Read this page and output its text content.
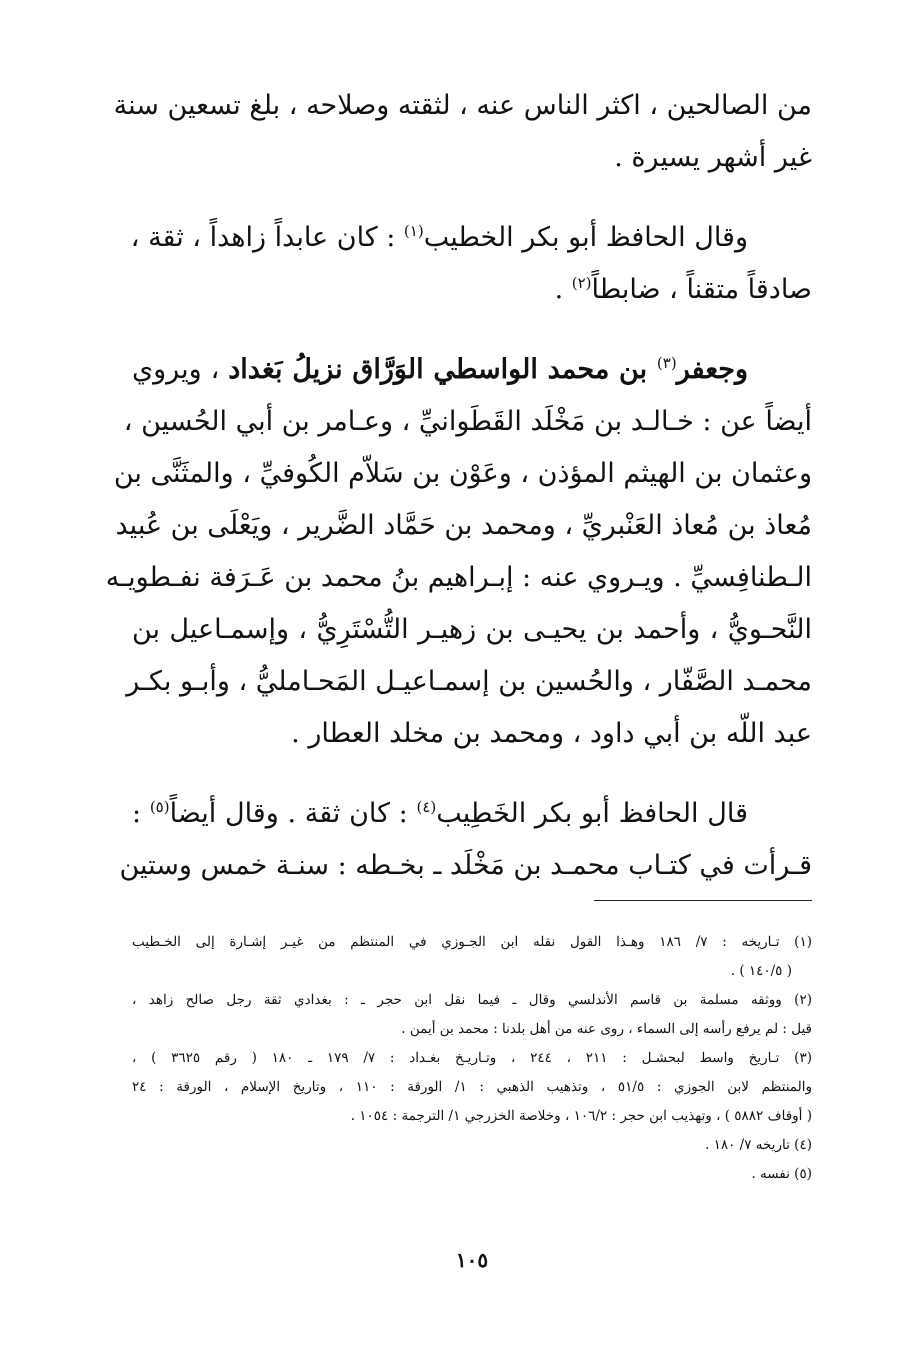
من الصالحين ، اكثر الناس عنه ، لثقته وصلاحه ، بلغ تسعين سنة
غير أشهر يسيرة .
وقال الحافظ أبو بكر الخطيب$^{(١)}$ : كان عابداً زاهداً ، ثقة ،
صادقاً متقناً ، ضابطاً$^{(٢)}$ .
وجعفر$^{(٣)}$ بن محمد الواسطي الوَرَّاق نزيلُ بَغداد ، ويروي
أيضاً عن : خـالـد بن مَخْلَد القَطَوانيِّ ، وعـامر بن أبي الحُسين ،
وعثمان بن الهيثم المؤذن ، وعَوْن بن سَلاّم الكُوفيِّ ، والمثَنَّى بن
مُعاذ بن مُعاذ العَنْبريِّ ، ومحمد بن حَمَّاد الضَّرير ، ويَعْلَى بن عُبيد
الـطنافِسيِّ . ويـروي عنه : إبـراهيم بنُ محمد بن عَـرَفة نفـطويـه
النَّحـويُّ ، وأحمد بن يحيـى بن زهيـر التُّسْتَرِيُّ ، وإسمـاعيل بن
محمـد الصَّفّار ، والحُسين بن إسمـاعيـل المَحـامليُّ ، وأبـو بكـر
عبد اللّه بن أبي داود ، ومحمد بن مخلد العطار .
قال الحافظ أبو بكر الخَطِيب$^{(٤)}$ : كان ثقة . وقال أيضاً$^{(٥)}$ :
قـرأت في كتـاب محمـد بن مَخْلَد ـ بخـطه : سنـة خمس وستين
(١) تـاريخه : ٧/ ١٨٦ وهـذا القول نقله ابن الجـوزي في المنتظم من غيـر إشـارة إلى الخـطيب
( ١٤٠/٥ ) .
(٢) ووثقه مسلمة بن قاسم الأندلسي وقال ـ فيما نقل ابن حجر ـ : بغدادي ثقة رجل صالح زاهد ،
قيل : لم يرفع رأسه إلى السماء ، روى عنه من أهل بلدنا : محمد بن أيمن .
(٣) تـاريخ واسط لبحشـل : ٢١١ ، ٢٤٤ ، وتـاريـخ بغـداد : ٧/ ١٧٩ ـ ١٨٠ ( رقم ٣٦٢٥ ) ،
والمنتظم لابن الجوزي : ٥١/٥ ، وتذهيب الذهبي : ١/ الورقة : ١١٠ ، وتاريخ الإسلام ، الورقة : ٢٤
( أوقاف ٥٨٨٢ ) ، وتهذيب ابن حجر : ١٠٦/٢ ، وخلاصة الخزرجي ١/ الترجمة : ١٠٥٤ .
(٤) تاريخه ٧/ ١٨٠ .
(٥) نفسه .
١٠٥
